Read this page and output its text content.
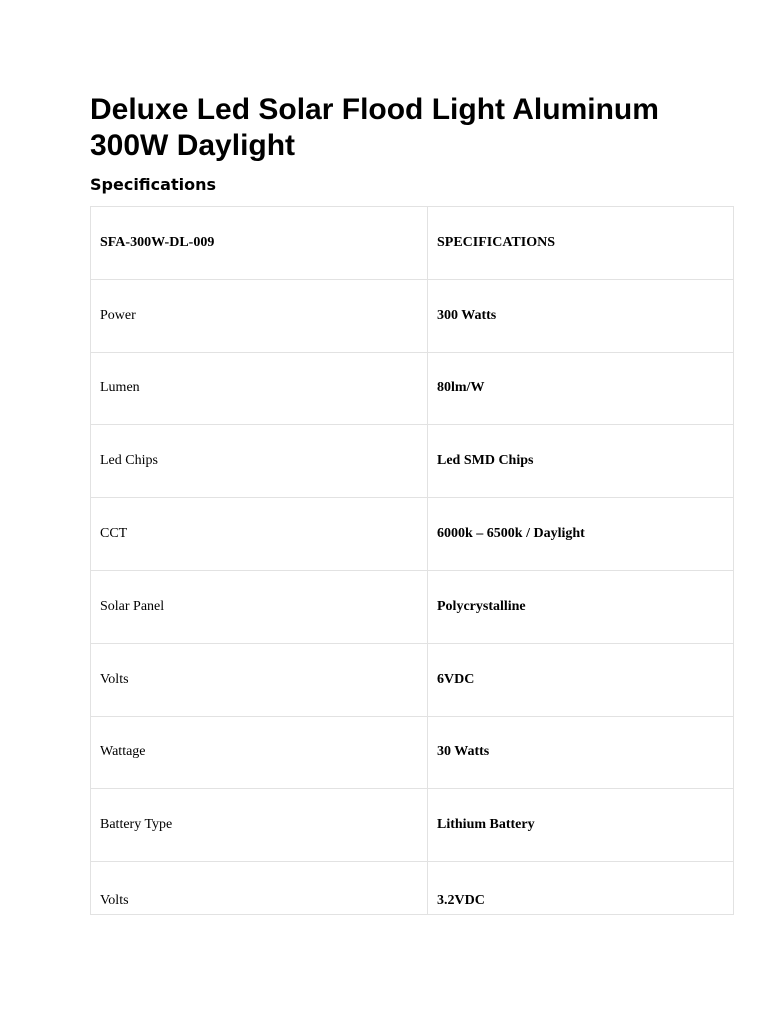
Deluxe Led Solar Flood Light Aluminum 300W Daylight
Specifications
SFA-300W-DL-009	SPECIFICATIONS
Power	300 Watts
Lumen	80lm/W
Led Chips	Led SMD Chips
CCT	6000k – 6500k / Daylight
Solar Panel	Polycrystalline
Volts	6VDC
Wattage	30 Watts
Battery Type	Lithium Battery
Volts	3.2VDC
